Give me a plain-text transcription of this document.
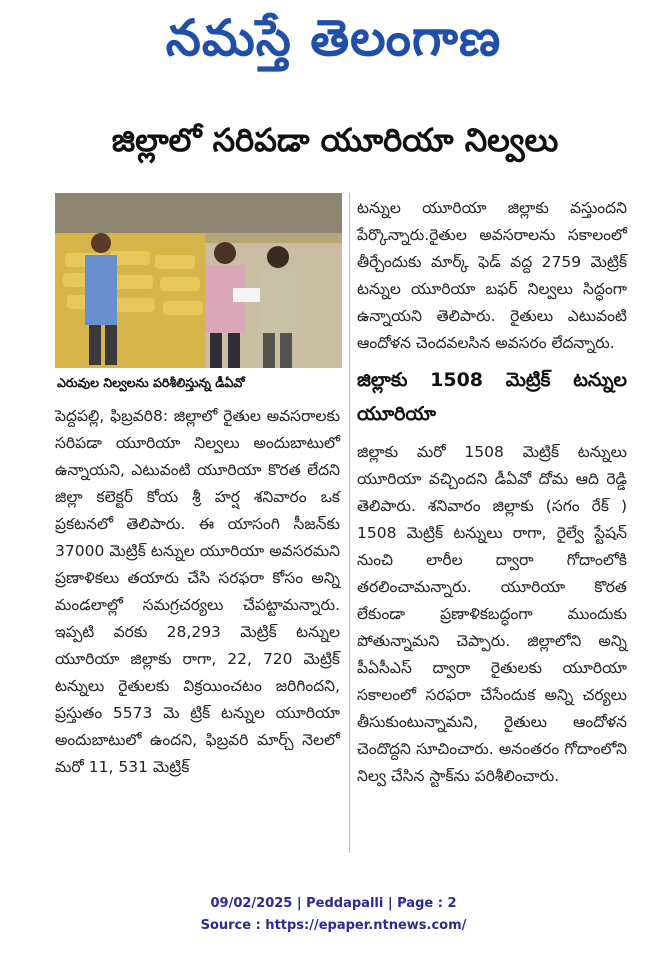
నమస్తే తెలంగాణ
జిల్లాలో సరిపడా యూరియా నిల్వలు
ఎరువుల నిల్వలను పరిశీలిస్తున్న డీఏవో

పెద్దపల్లి, ఫిబ్రవరి8: జిల్లాలో రైతుల అవసరాలకు సరిపడా యూరియా నిల్వలు అందుబాటులో ఉన్నాయని, ఎటువంటి యూరియా కొరత లేదని జిల్లా కలెక్టర్ కోయ శ్రీ హర్ష శనివారం ఒక ప్రకటనలో తెలిపారు. ఈ యాసంగి సీజన్‌కు 37000 మెట్రిక్ టన్నుల యూరియా అవసరమని ప్రణాళికలు తయారు చేసి సరఫరా కోసం అన్ని మండలాల్లో సమగ్రచర్యలు చేపట్టామన్నారు. ఇప్పటి వరకు 28,293 మెట్రిక్ టన్నుల యూరియా జిల్లాకు రాగా, 22, 720 మెట్రిక్ టన్నులు రైతులకు విక్రయించటం జరిగిందని, ప్రస్తుతం 5573 మె ట్రిక్ టన్నుల యూరియా అందుబాటులో ఉందని, ఫిబ్రవరి మార్చ్ నెలలో మరో 11, 531 మెట్రిక్

టన్నుల యూరియా జిల్లాకు వస్తుందని పేర్కొన్నారు.రైతుల అవసరాలను సకాలంలో తీర్చేందుకు మార్క్ ఫెడ్ వద్ద 2759 మెట్రిక్ టన్నుల యూరియా బఫర్ నిల్వలు సిద్ధంగా ఉన్నాయని తెలిపారు. రైతులు ఎటువంటి ఆందోళన చెందవలసిన అవసరం లేదన్నారు.

జిల్లాకు 1508 మెట్రిక్ టన్నుల యూరియా

జిల్లాకు మరో 1508 మెట్రిక్ టన్నులు యూరియా వచ్చిందని డీఏవో దోమ ఆది రెడ్డి తెలిపారు. శనివారం జిల్లాకు (సగం రేక్ ) 1508 మెట్రిక్ టన్నులు రాగా, రైల్వే స్టేషన్ నుంచి లారీల ద్వారా గోదాంలోకి తరలించామన్నారు. యూరియా కొరత లేకుండా ప్రణాళికబద్ధంగా ముందుకు పోతున్నామని చెప్పారు. జిల్లాలోని అన్ని పీఏసీఎస్ ద్వారా రైతులకు యూరియా సకాలంలో సరఫరా చేసేందుక అన్ని చర్యలు తీసుకుంటున్నామని, రైతులు ఆందోళన చెందొద్దని సూచించారు. అనంతరం గోదాంలోని నిల్వ చేసిన స్టాక్‌ను పరిశీలించారు.

09/02/2025 | Peddapalli | Page : 2
Source : https://epaper.ntnews.com/
